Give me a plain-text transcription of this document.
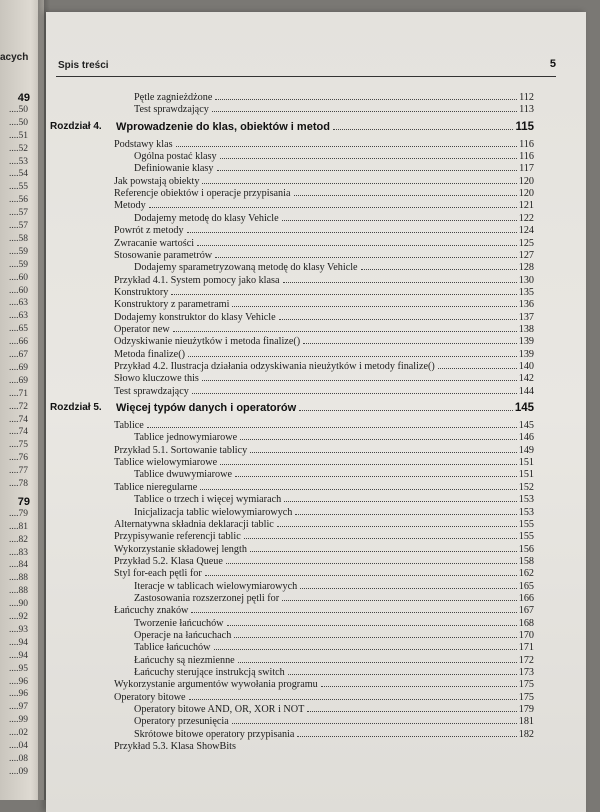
acych
49
....50
....50
....51
....52
....53
....54
....55
....56
....57
....57
....58
....59
....59
....60
....60
....63
....63
....65
....66
....67
....69
....69
....71
....72
....74
....74
....75
....76
....77
....78
79
....79
....81
....82
....83
....84
....88
....88
....90
....92
....93
....94
....94
....95
....96
....96
....97
....99
....02
....04
....08
....09
Spis treści	5
Pętle zagnieżdżone	112
Test sprawdzający	113
Rozdział 4.	Wprowadzenie do klas, obiektów i metod	115
Podstawy klas	116
Ogólna postać klasy	116
Definiowanie klasy	117
Jak powstają obiekty	120
Referencje obiektów i operacje przypisania	120
Metody	121
Dodajemy metodę do klasy Vehicle	122
Powrót z metody	124
Zwracanie wartości	125
Stosowanie parametrów	127
Dodajemy sparametryzowaną metodę do klasy Vehicle	128
Przykład 4.1. System pomocy jako klasa	130
Konstruktory	135
Konstruktory z parametrami	136
Dodajemy konstruktor do klasy Vehicle	137
Operator new	138
Odzyskiwanie nieużytków i metoda finalize()	139
Metoda finalize()	139
Przykład 4.2. Ilustracja działania odzyskiwania nieużytków i metody finalize()	140
Słowo kluczowe this	142
Test sprawdzający	144
Rozdział 5.	Więcej typów danych i operatorów	145
Tablice	145
Tablice jednowymiarowe	146
Przykład 5.1. Sortowanie tablicy	149
Tablice wielowymiarowe	151
Tablice dwuwymiarowe	151
Tablice nieregularne	152
Tablice o trzech i więcej wymiarach	153
Inicjalizacja tablic wielowymiarowych	153
Alternatywna składnia deklaracji tablic	155
Przypisywanie referencji tablic	155
Wykorzystanie składowej length	156
Przykład 5.2. Klasa Queue	158
Styl for-each pętli for	162
Iteracje w tablicach wielowymiarowych	165
Zastosowania rozszerzonej pętli for	166
Łańcuchy znaków	167
Tworzenie łańcuchów	168
Operacje na łańcuchach	170
Tablice łańcuchów	171
Łańcuchy są niezmienne	172
Łańcuchy sterujące instrukcją switch	173
Wykorzystanie argumentów wywołania programu	175
Operatory bitowe	175
Operatory bitowe AND, OR, XOR i NOT	179
Operatory przesunięcia	181
Skrótowe bitowe operatory przypisania	182
Przykład 5.3. Klasa ShowBits
